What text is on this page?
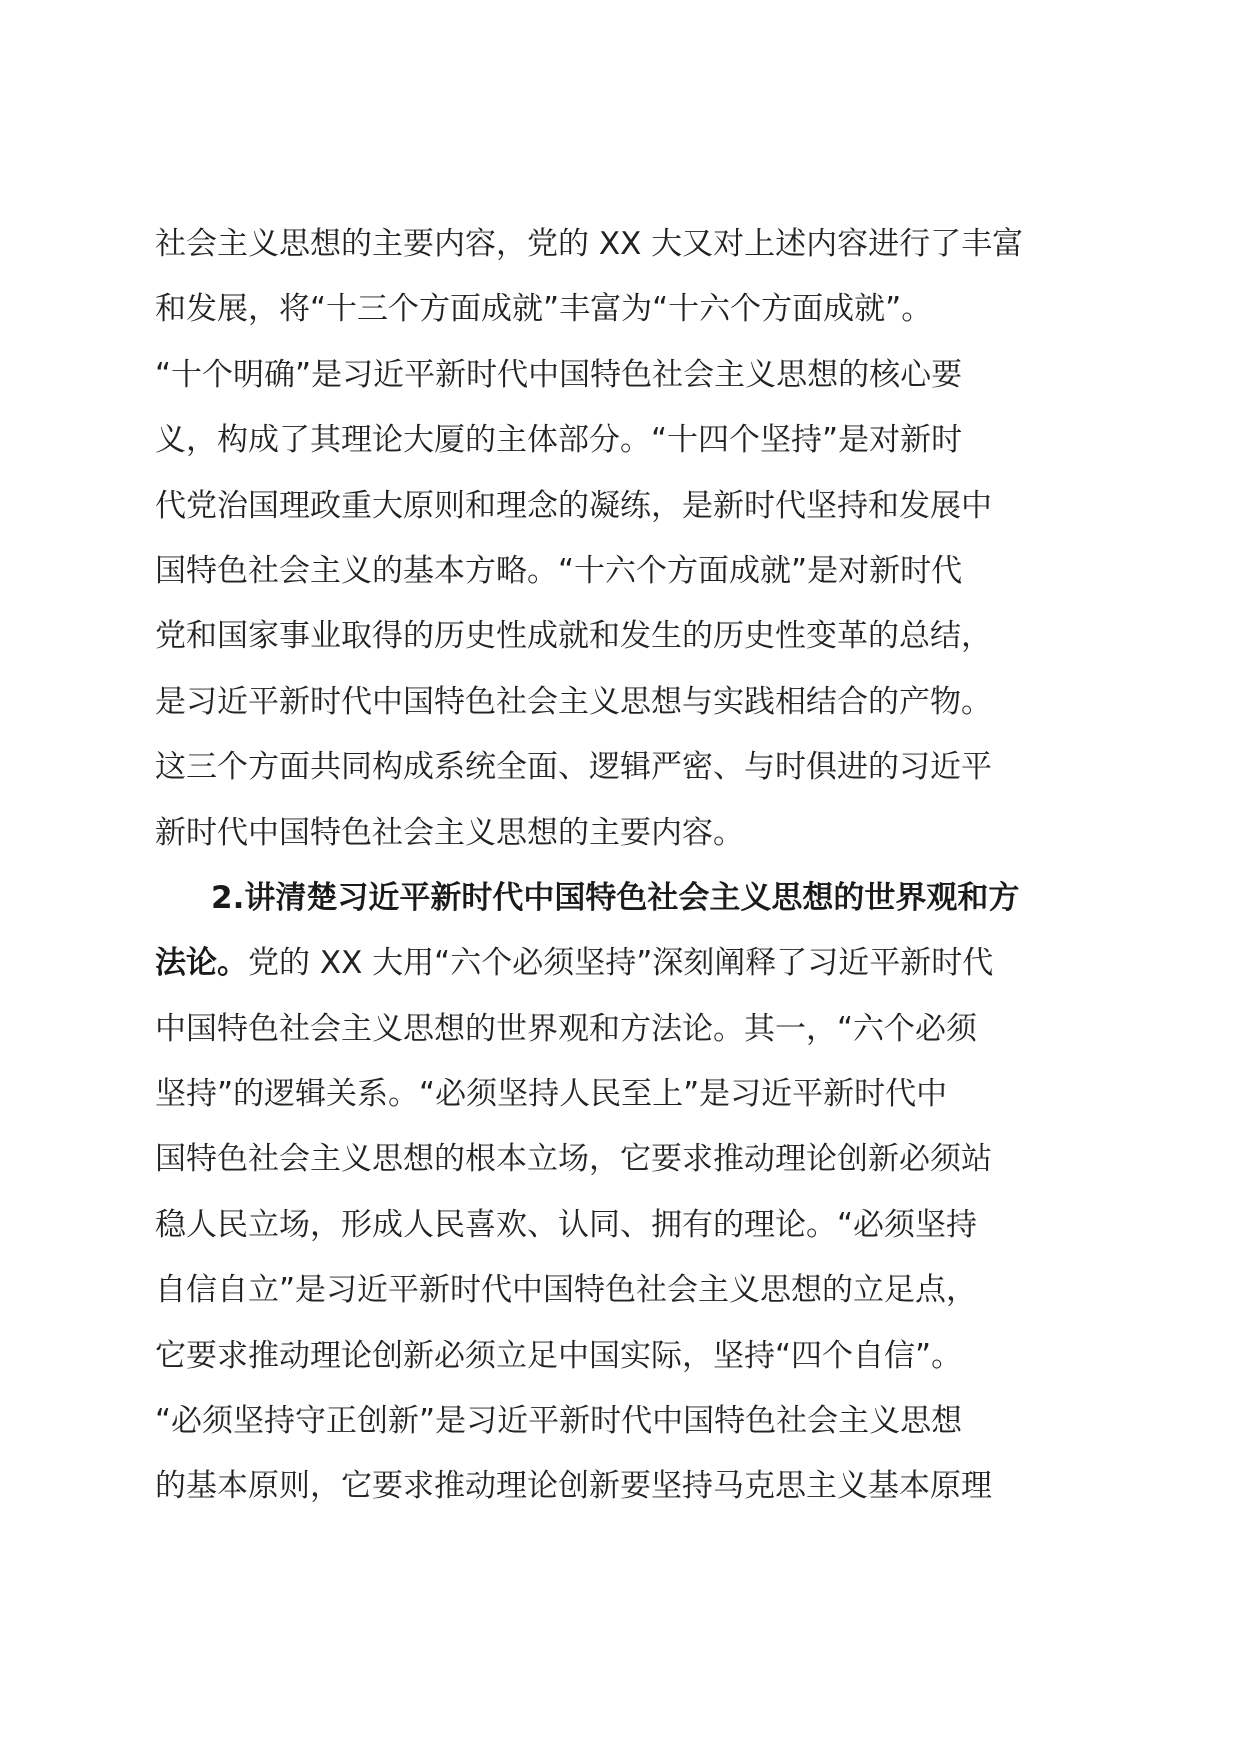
社会主义思想的主要内容，党的 XX 大又对上述内容进行了丰富
和发展，将“十三个方面成就”丰富为“十六个方面成就”。
“十个明确”是习近平新时代中国特色社会主义思想的核心要
义，构成了其理论大厦的主体部分。“十四个坚持”是对新时
代党治国理政重大原则和理念的凝练，是新时代坚持和发展中
国特色社会主义的基本方略。“十六个方面成就”是对新时代
党和国家事业取得的历史性成就和发生的历史性变革的总结，
是习近平新时代中国特色社会主义思想与实践相结合的产物。
这三个方面共同构成系统全面、逻辑严密、与时俱进的习近平
新时代中国特色社会主义思想的主要内容。
2.讲清楚习近平新时代中国特色社会主义思想的世界观和方
法论。党的 XX 大用“六个必须坚持”深刻阐释了习近平新时代
中国特色社会主义思想的世界观和方法论。其一，“六个必须
坚持”的逻辑关系。“必须坚持人民至上”是习近平新时代中
国特色社会主义思想的根本立场，它要求推动理论创新必须站
稳人民立场，形成人民喜欢、认同、拥有的理论。“必须坚持
自信自立”是习近平新时代中国特色社会主义思想的立足点，
它要求推动理论创新必须立足中国实际，坚持“四个自信”。
“必须坚持守正创新”是习近平新时代中国特色社会主义思想
的基本原则，它要求推动理论创新要坚持马克思主义基本原理
